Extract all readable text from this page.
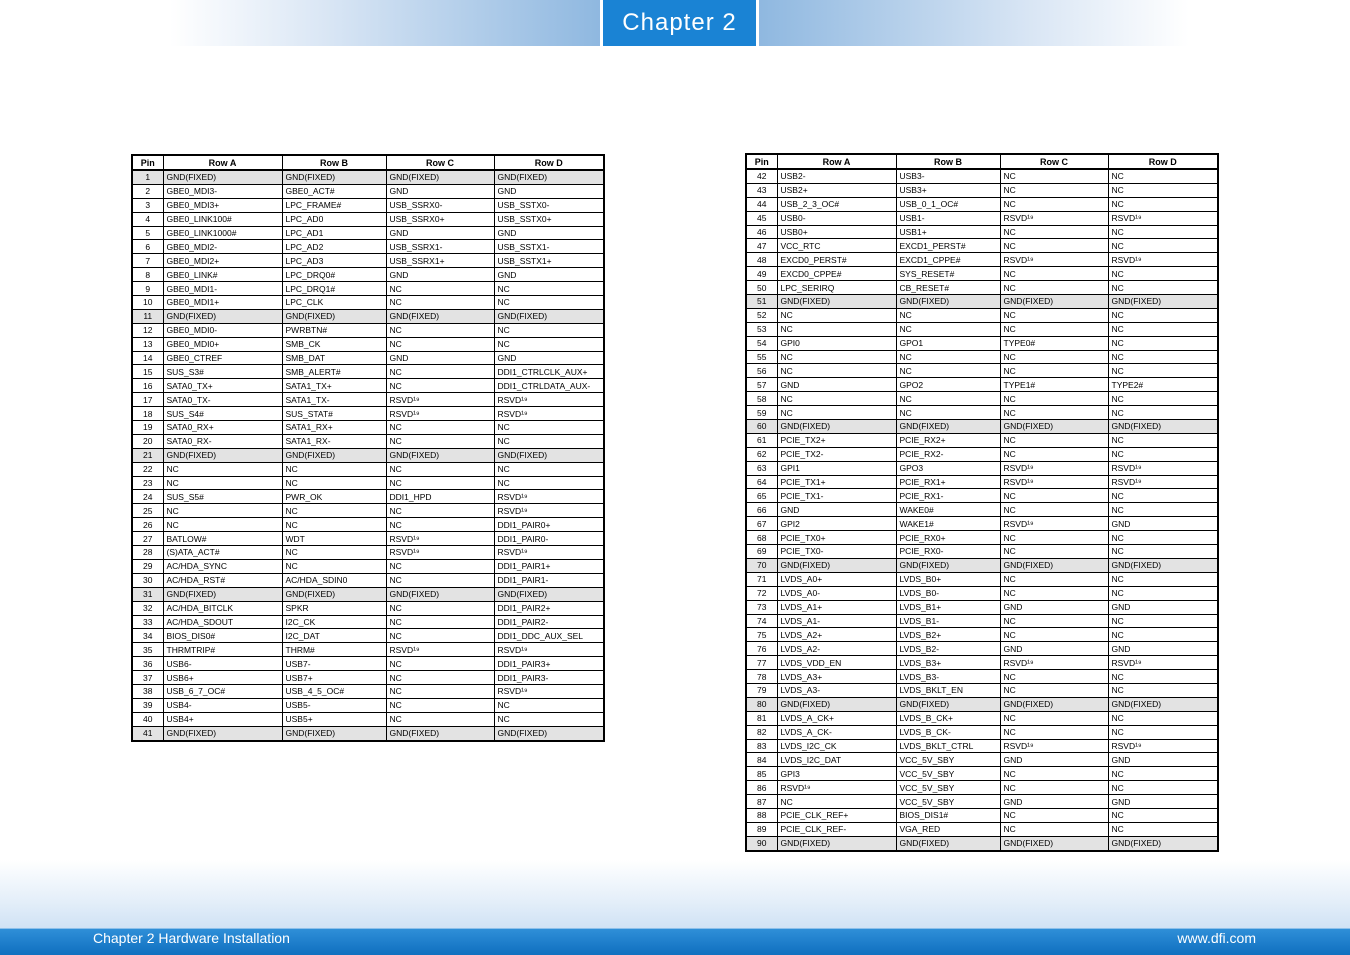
Chapter 2
Pin	Row A	Row B	Row C	Row D
1	GND(FIXED)	GND(FIXED)	GND(FIXED)	GND(FIXED)
2	GBE0_MDI3-	GBE0_ACT#	GND	GND
3	GBE0_MDI3+	LPC_FRAME#	USB_SSRX0-	USB_SSTX0-
4	GBE0_LINK100#	LPC_AD0	USB_SSRX0+	USB_SSTX0+
5	GBE0_LINK1000#	LPC_AD1	GND	GND
6	GBE0_MDI2-	LPC_AD2	USB_SSRX1-	USB_SSTX1-
7	GBE0_MDI2+	LPC_AD3	USB_SSRX1+	USB_SSTX1+
8	GBE0_LINK#	LPC_DRQ0#	GND	GND
9	GBE0_MDI1-	LPC_DRQ1#	NC	NC
10	GBE0_MDI1+	LPC_CLK	NC	NC
11	GND(FIXED)	GND(FIXED)	GND(FIXED)	GND(FIXED)
12	GBE0_MDI0-	PWRBTN#	NC	NC
13	GBE0_MDI0+	SMB_CK	NC	NC
14	GBE0_CTREF	SMB_DAT	GND	GND
15	SUS_S3#	SMB_ALERT#	NC	DDI1_CTRLCLK_AUX+
16	SATA0_TX+	SATA1_TX+	NC	DDI1_CTRLDATA_AUX-
17	SATA0_TX-	SATA1_TX-	RSVD¹⁹	RSVD¹⁹
18	SUS_S4#	SUS_STAT#	RSVD¹⁹	RSVD¹⁹
19	SATA0_RX+	SATA1_RX+	NC	NC
20	SATA0_RX-	SATA1_RX-	NC	NC
21	GND(FIXED)	GND(FIXED)	GND(FIXED)	GND(FIXED)
22	NC	NC	NC	NC
23	NC	NC	NC	NC
24	SUS_S5#	PWR_OK	DDI1_HPD	RSVD¹⁹
25	NC	NC	NC	RSVD¹⁹
26	NC	NC	NC	DDI1_PAIR0+
27	BATLOW#	WDT	RSVD¹⁹	DDI1_PAIR0-
28	(S)ATA_ACT#	NC	RSVD¹⁹	RSVD¹⁹
29	AC/HDA_SYNC	NC	NC	DDI1_PAIR1+
30	AC/HDA_RST#	AC/HDA_SDIN0	NC	DDI1_PAIR1-
31	GND(FIXED)	GND(FIXED)	GND(FIXED)	GND(FIXED)
32	AC/HDA_BITCLK	SPKR	NC	DDI1_PAIR2+
33	AC/HDA_SDOUT	I2C_CK	NC	DDI1_PAIR2-
34	BIOS_DIS0#	I2C_DAT	NC	DDI1_DDC_AUX_SEL
35	THRMTRIP#	THRM#	RSVD¹⁹	RSVD¹⁹
36	USB6-	USB7-	NC	DDI1_PAIR3+
37	USB6+	USB7+	NC	DDI1_PAIR3-
38	USB_6_7_OC#	USB_4_5_OC#	NC	RSVD¹⁹
39	USB4-	USB5-	NC	NC
40	USB4+	USB5+	NC	NC
41	GND(FIXED)	GND(FIXED)	GND(FIXED)	GND(FIXED)
Pin	Row A	Row B	Row C	Row D
42	USB2-	USB3-	NC	NC
43	USB2+	USB3+	NC	NC
44	USB_2_3_OC#	USB_0_1_OC#	NC	NC
45	USB0-	USB1-	RSVD¹⁹	RSVD¹⁹
46	USB0+	USB1+	NC	NC
47	VCC_RTC	EXCD1_PERST#	NC	NC
48	EXCD0_PERST#	EXCD1_CPPE#	RSVD¹⁹	RSVD¹⁹
49	EXCD0_CPPE#	SYS_RESET#	NC	NC
50	LPC_SERIRQ	CB_RESET#	NC	NC
51	GND(FIXED)	GND(FIXED)	GND(FIXED)	GND(FIXED)
52	NC	NC	NC	NC
53	NC	NC	NC	NC
54	GPI0	GPO1	TYPE0#	NC
55	NC	NC	NC	NC
56	NC	NC	NC	NC
57	GND	GPO2	TYPE1#	TYPE2#
58	NC	NC	NC	NC
59	NC	NC	NC	NC
60	GND(FIXED)	GND(FIXED)	GND(FIXED)	GND(FIXED)
61	PCIE_TX2+	PCIE_RX2+	NC	NC
62	PCIE_TX2-	PCIE_RX2-	NC	NC
63	GPI1	GPO3	RSVD¹⁹	RSVD¹⁹
64	PCIE_TX1+	PCIE_RX1+	RSVD¹⁹	RSVD¹⁹
65	PCIE_TX1-	PCIE_RX1-	NC	NC
66	GND	WAKE0#	NC	NC
67	GPI2	WAKE1#	RSVD¹⁹	GND
68	PCIE_TX0+	PCIE_RX0+	NC	NC
69	PCIE_TX0-	PCIE_RX0-	NC	NC
70	GND(FIXED)	GND(FIXED)	GND(FIXED)	GND(FIXED)
71	LVDS_A0+	LVDS_B0+	NC	NC
72	LVDS_A0-	LVDS_B0-	NC	NC
73	LVDS_A1+	LVDS_B1+	GND	GND
74	LVDS_A1-	LVDS_B1-	NC	NC
75	LVDS_A2+	LVDS_B2+	NC	NC
76	LVDS_A2-	LVDS_B2-	GND	GND
77	LVDS_VDD_EN	LVDS_B3+	RSVD¹⁹	RSVD¹⁹
78	LVDS_A3+	LVDS_B3-	NC	NC
79	LVDS_A3-	LVDS_BKLT_EN	NC	NC
80	GND(FIXED)	GND(FIXED)	GND(FIXED)	GND(FIXED)
81	LVDS_A_CK+	LVDS_B_CK+	NC	NC
82	LVDS_A_CK-	LVDS_B_CK-	NC	NC
83	LVDS_I2C_CK	LVDS_BKLT_CTRL	RSVD¹⁹	RSVD¹⁹
84	LVDS_I2C_DAT	VCC_5V_SBY	GND	GND
85	GPI3	VCC_5V_SBY	NC	NC
86	RSVD¹⁹	VCC_5V_SBY	NC	NC
87	NC	VCC_5V_SBY	GND	GND
88	PCIE_CLK_REF+	BIOS_DIS1#	NC	NC
89	PCIE_CLK_REF-	VGA_RED	NC	NC
90	GND(FIXED)	GND(FIXED)	GND(FIXED)	GND(FIXED)
Chapter 2 Hardware Installation	www.dfi.com
